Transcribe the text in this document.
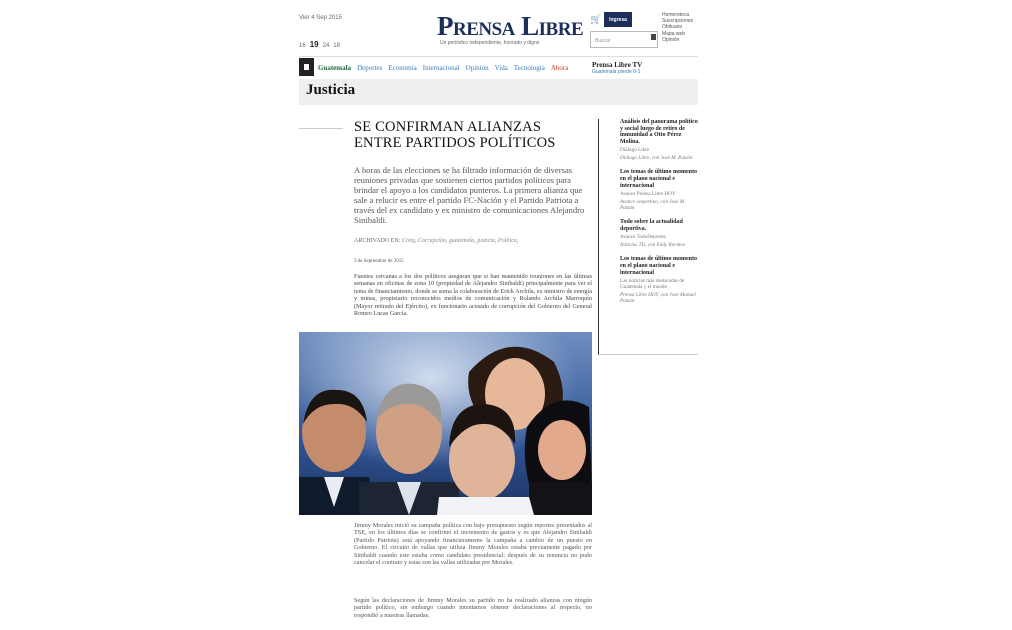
Vier 4 Sep 2015
16 19 24 18
Prensa Libre
Un periódico independiente, honrado y digno
🛒	Ingresa
Buscar
Hemeroteca
Suscripciones
Obituario
Mapa web
Opinión
Guatemala Deportes Economía Internacional Opinión Vida Tecnología Ahora	Prensa Libre TV
Guatemala pierde 0-1
Justicia
SE CONFIRMAN ALIANZAS ENTRE PARTIDOS POLÍTICOS
A horas de las elecciones se ha filtrado información de diversas reuniones privadas que sostienen ciertos partidos políticos para brindar el apoyo a los candidatos punteros. La primera alianza que sale a relucir es entre el partido FC-Nación y el Partido Patriota a través del ex candidato y ex ministro de comunicaciones Alejandro Sinibaldi.
ARCHIVADO EN: Civiq, Corrupción, guatemala, justicia, Política,
3 de Septiembre de 2015
Fuentes cercanas a los dos políticos aseguran que si han mantenido reuniones en las últimas semanas en oficinas de zona 10 (propiedad de Alejandro Sinibaldi) principalmente para ver el tema de financiamiento, donde se suma la colaboración de Erick Archila, ex ministro de energía y minas, propietario reconocidos medios de comunicación y Rolando Archila Marroquín (Mayor retirado del Ejército), ex funcionario acusado de corrupción del Gobierno del General Romeo Lucas García.
Jimmy Morales inició su campaña política con bajo presupuesto según reportes presentados al TSE, en los últimos días se confirmó el incremento de gastos y es que Alejandro Sinibaldi (Partido Patriota) está apoyando financieramente la campaña a cambio de un puesto en Gobierno. El circuito de vallas que utiliza Jimmy Morales estaba previamente pagado por Sinibaldi cuando este estaba como candidato presidencial; después de su renuncia no pudo cancelar el contrato y estas son las vallas utilizadas por Morales.
Según las declaraciones de Jimmy Morales su partido no ha realizado alianzas con ningún partido político, sin embargo cuando intentamos obtener declaraciones al respecto, no respondió a nuestras llamadas.
Análisis del panorama político y social luego de retiro de inmunidad a Otto Pérez Molina.
Diálogo Libre
Diálogo Libre, con José M. Patzán
Los temas de último momento en el plano nacional e internacional
Avance Prensa Libre HOY
Avance vespertino, con José M. Patzán
Todo sobre la actualidad deportiva.
Avance TodoDeportes
Noticias TD, con Eddy Recinos
Los temas de último momento en el plano nacional e internacional
Las noticias más destacadas de Guatemala y el mundo
Prensa Libre HOY, con José Manuel Patzán
